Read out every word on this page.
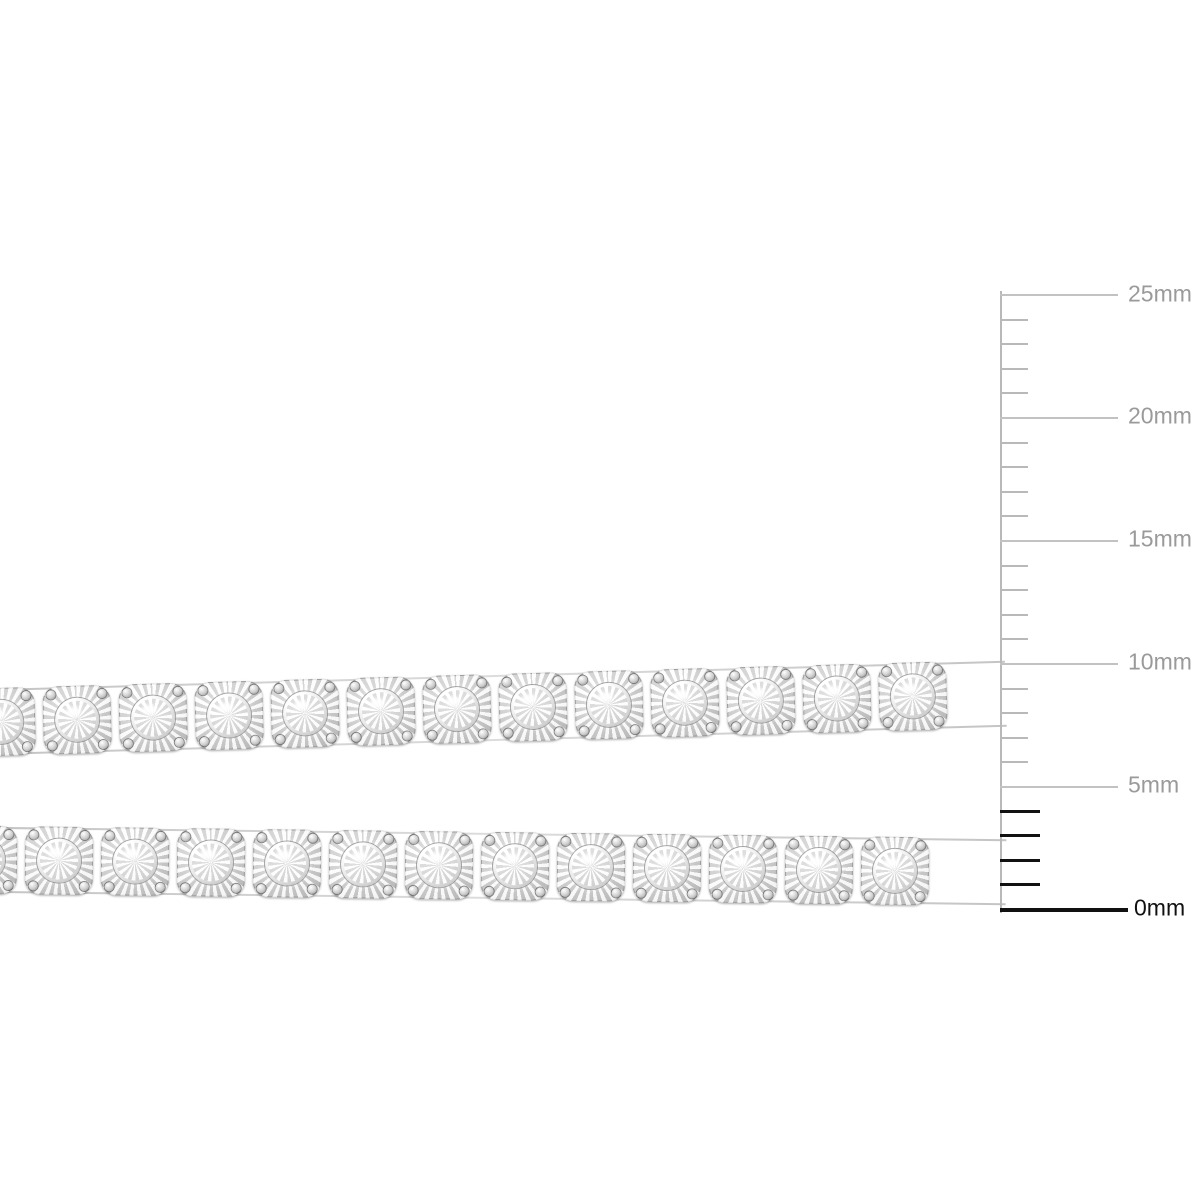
25mm
20mm
15mm
10mm
5mm
0mm
